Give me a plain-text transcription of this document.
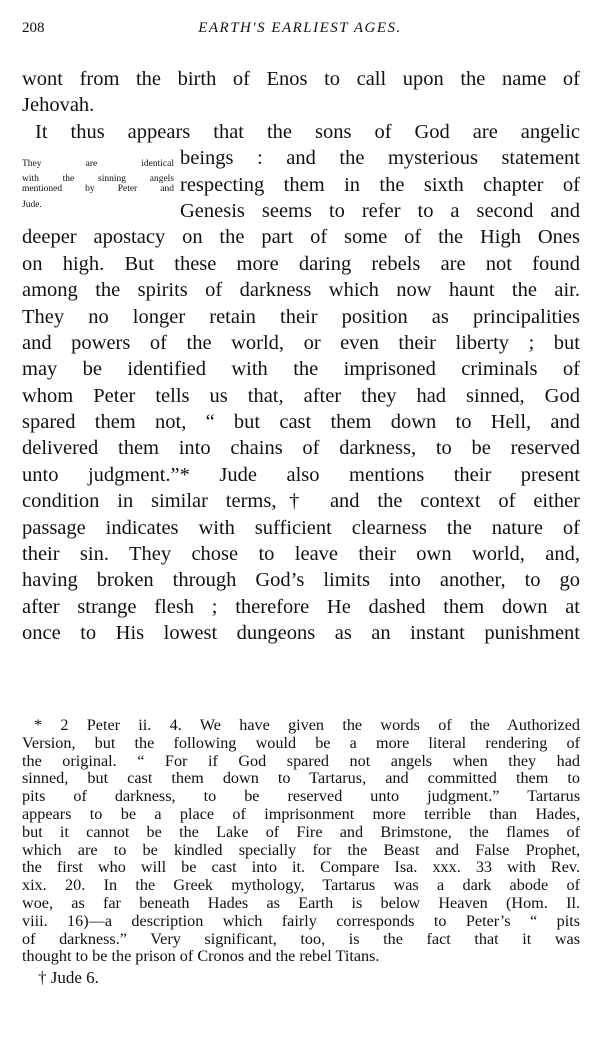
208	EARTH'S EARLIEST AGES.
wont from the birth of Enos to call upon the name of
Jehovah.
It thus appears that the sons of God are angelic
They are identical beings : and the mysterious statement
with the sinning angels
mentioned by Peter and respecting them in the sixth chapter of
Jude.	Genesis seems to refer to a second and
deeper apostacy on the part of some of the High Ones
on high. But these more daring rebels are not found
among the spirits of darkness which now haunt the air.
They no longer retain their position as principalities
and powers of the world, or even their liberty ; but
may be identified with the imprisoned criminals of
whom Peter tells us that, after they had sinned, God
spared them not, “ but cast them down to Hell, and
delivered them into chains of darkness, to be reserved
unto judgment.”* Jude also mentions their present
condition in similar terms,† and the context of either
passage indicates with sufficient clearness the nature of
their sin. They chose to leave their own world, and,
having broken through God’s limits into another, to go
after strange flesh ; therefore He dashed them down at
once to His lowest dungeons as an instant punishment
* 2 Peter ii. 4. We have given the words of the Authorized
Version, but the following would be a more literal rendering of
the original. “ For if God spared not angels when they had
sinned, but cast them down to Tartarus, and committed them to
pits of darkness, to be reserved unto judgment.” Tartarus
appears to be a place of imprisonment more terrible than Hades,
but it cannot be the Lake of Fire and Brimstone, the flames of
which are to be kindled specially for the Beast and False Prophet,
the first who will be cast into it. Compare Isa. xxx. 33 with Rev.
xix. 20. In the Greek mythology, Tartarus was a dark abode of
woe, as far beneath Hades as Earth is below Heaven (Hom. Il.
viii. 16)—a description which fairly corresponds to Peter’s “ pits
of darkness.” Very significant, too, is the fact that it was
thought to be the prison of Cronos and the rebel Titans.
† Jude 6.
